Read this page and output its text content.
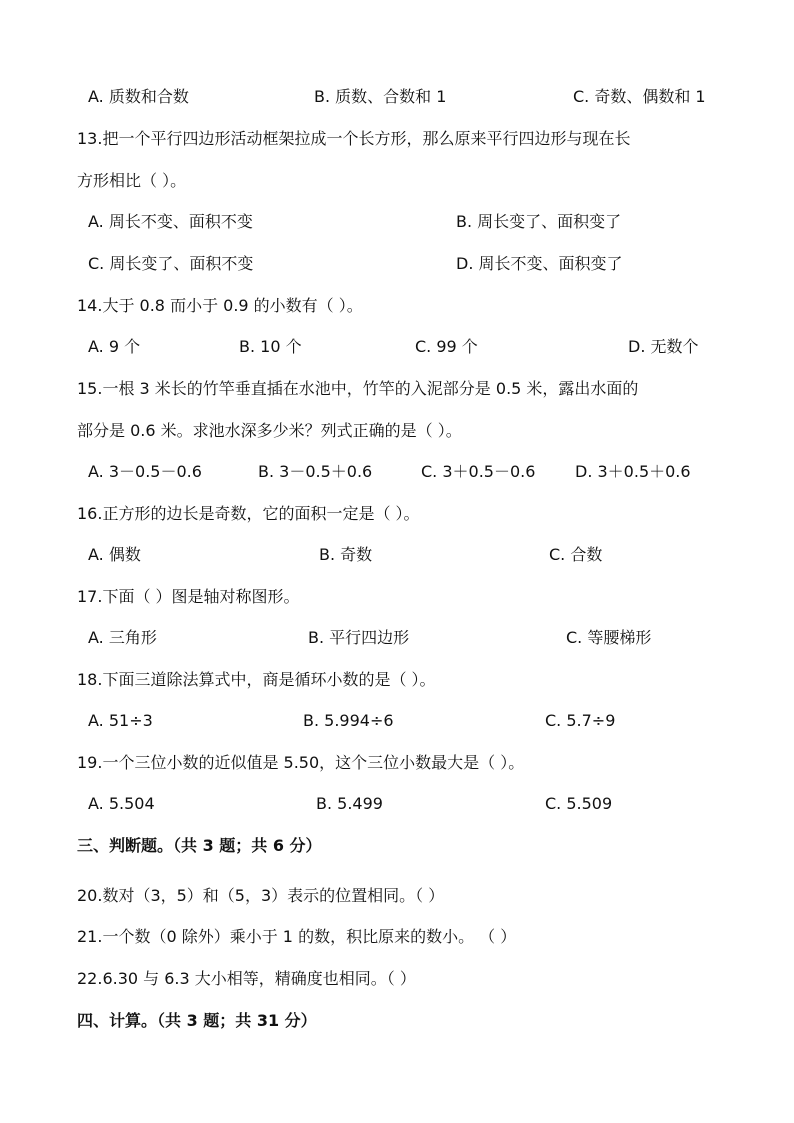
A. 质数和合数	B. 质数、合数和 1	C. 奇数、偶数和 1
13.把一个平行四边形活动框架拉成一个长方形，那么原来平行四边形与现在长
方形相比（ ）。
A. 周长不变、面积不变	B. 周长变了、面积变了
C. 周长变了、面积不变	D. 周长不变、面积变了
14.大于 0.8 而小于 0.9 的小数有（ ）。
A. 9 个	B. 10 个	C. 99 个	D. 无数个
15.一根 3 米长的竹竿垂直插在水池中，竹竿的入泥部分是 0.5 米，露出水面的
部分是 0.6 米。求池水深多少米？列式正确的是（ ）。
A. 3－0.5－0.6	B. 3－0.5＋0.6	C. 3＋0.5－0.6 D. 3＋0.5＋0.6
16.正方形的边长是奇数，它的面积一定是（ ）。
A. 偶数	B. 奇数	C. 合数
17.下面（ ）图是轴对称图形。
A. 三角形	B. 平行四边形	C. 等腰梯形
18.下面三道除法算式中，商是循环小数的是（ ）。
A. 51÷3	B. 5.994÷6	C. 5.7÷9
19.一个三位小数的近似值是 5.50，这个三位小数最大是（ ）。
A. 5.504	B. 5.499	C. 5.509
三、判断题。（共 3 题；共 6 分）
20.数对（3，5）和（5，3）表示的位置相同。（ ）
21.一个数（0 除外）乘小于 1 的数，积比原来的数小。 （ ）
22.6.30 与 6.3 大小相等，精确度也相同。（ ）
四、计算。（共 3 题；共 31 分）
